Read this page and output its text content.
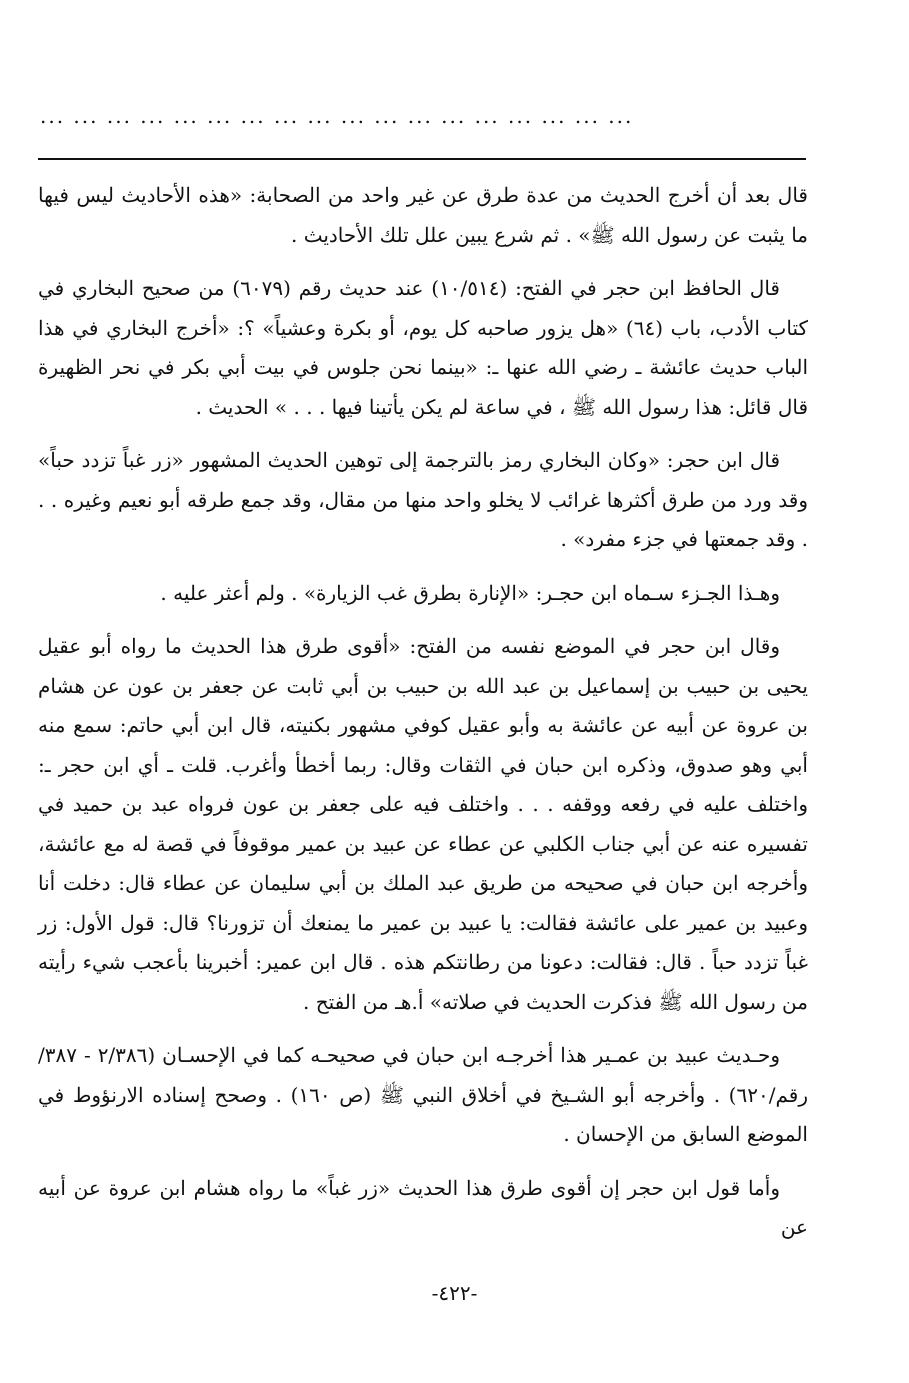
... ... ... ... ... ... ... ... ... ... ... ... ... ... ... ... ... ...

قال بعد أن أخرج الحديث من عدة طرق عن غير واحد من الصحابة: «هذه الأحاديث ليس فيها ما يثبت عن رسول الله ﷺ» . ثم شرع يبين علل تلك الأحاديث .

قال الحافظ ابن حجر في الفتح: (١٠/٥١٤) عند حديث رقم (٦٠٧٩) من صحيح البخاري في كتاب الأدب، باب (٦٤) «هل يزور صاحبه كل يوم، أو بكرة وعشياً» ؟: «أخرج البخاري في هذا الباب حديث عائشة ـ رضي الله عنها ـ: «بينما نحن جلوس في بيت أبي بكر في نحر الظهيرة قال قائل: هذا رسول الله ﷺ ، في ساعة لم يكن يأتينا فيها . . . » الحديث .

قال ابن حجر: «وكان البخاري رمز بالترجمة إلى توهين الحديث المشهور «زر غباً تزدد حباً» وقد ورد من طرق أكثرها غرائب لا يخلو واحد منها من مقال، وقد جمع طرقه أبو نعيم وغيره . . . وقد جمعتها في جزء مفرد» .

وهـذا الجـزء سـماه ابن حجـر: «الإنارة بطرق غب الزيارة» . ولم أعثر عليه .

وقال ابن حجر في الموضع نفسه من الفتح: «أقوى طرق هذا الحديث ما رواه أبو عقيل يحيى بن حبيب بن إسماعيل بن عبد الله بن حبيب بن أبي ثابت عن جعفر بن عون عن هشام بن عروة عن أبيه عن عائشة به وأبو عقيل كوفي مشهور بكنيته، قال ابن أبي حاتم: سمع منه أبي وهو صدوق، وذكره ابن حبان في الثقات وقال: ربما أخطأ وأغرب. قلت ـ أي ابن حجر ـ: واختلف عليه في رفعه ووقفه . . . واختلف فيه على جعفر بن عون فرواه عبد بن حميد في تفسيره عنه عن أبي جناب الكلبي عن عطاء عن عبيد بن عمير موقوفاً في قصة له مع عائشة، وأخرجه ابن حبان في صحيحه من طريق عبد الملك بن أبي سليمان عن عطاء قال: دخلت أنا وعبيد بن عمير على عائشة فقالت: يا عبيد بن عمير ما يمنعك أن تزورنا؟ قال: قول الأول: زر غباً تزدد حباً . قال: فقالت: دعونا من رطانتكم هذه . قال ابن عمير: أخبرينا بأعجب شيء رأيته من رسول الله ﷺ فذكرت الحديث في صلاته» أ.هـ من الفتح .

وحـديث عبيد بن عمـير هذا أخرجـه ابن حبان في صحيحـه كما في الإحسـان (٢/٣٨٦ - ٣٨٧/رقم/٦٢٠) . وأخرجه أبو الشـيخ في أخلاق النبي ﷺ (ص ١٦٠) . وصحح إسناده الارنؤوط في الموضع السابق من الإحسان .

وأما قول ابن حجر إن أقوى طرق هذا الحديث «زر غباً» ما رواه هشام ابن عروة عن أبيه عن

-٤٢٢-
